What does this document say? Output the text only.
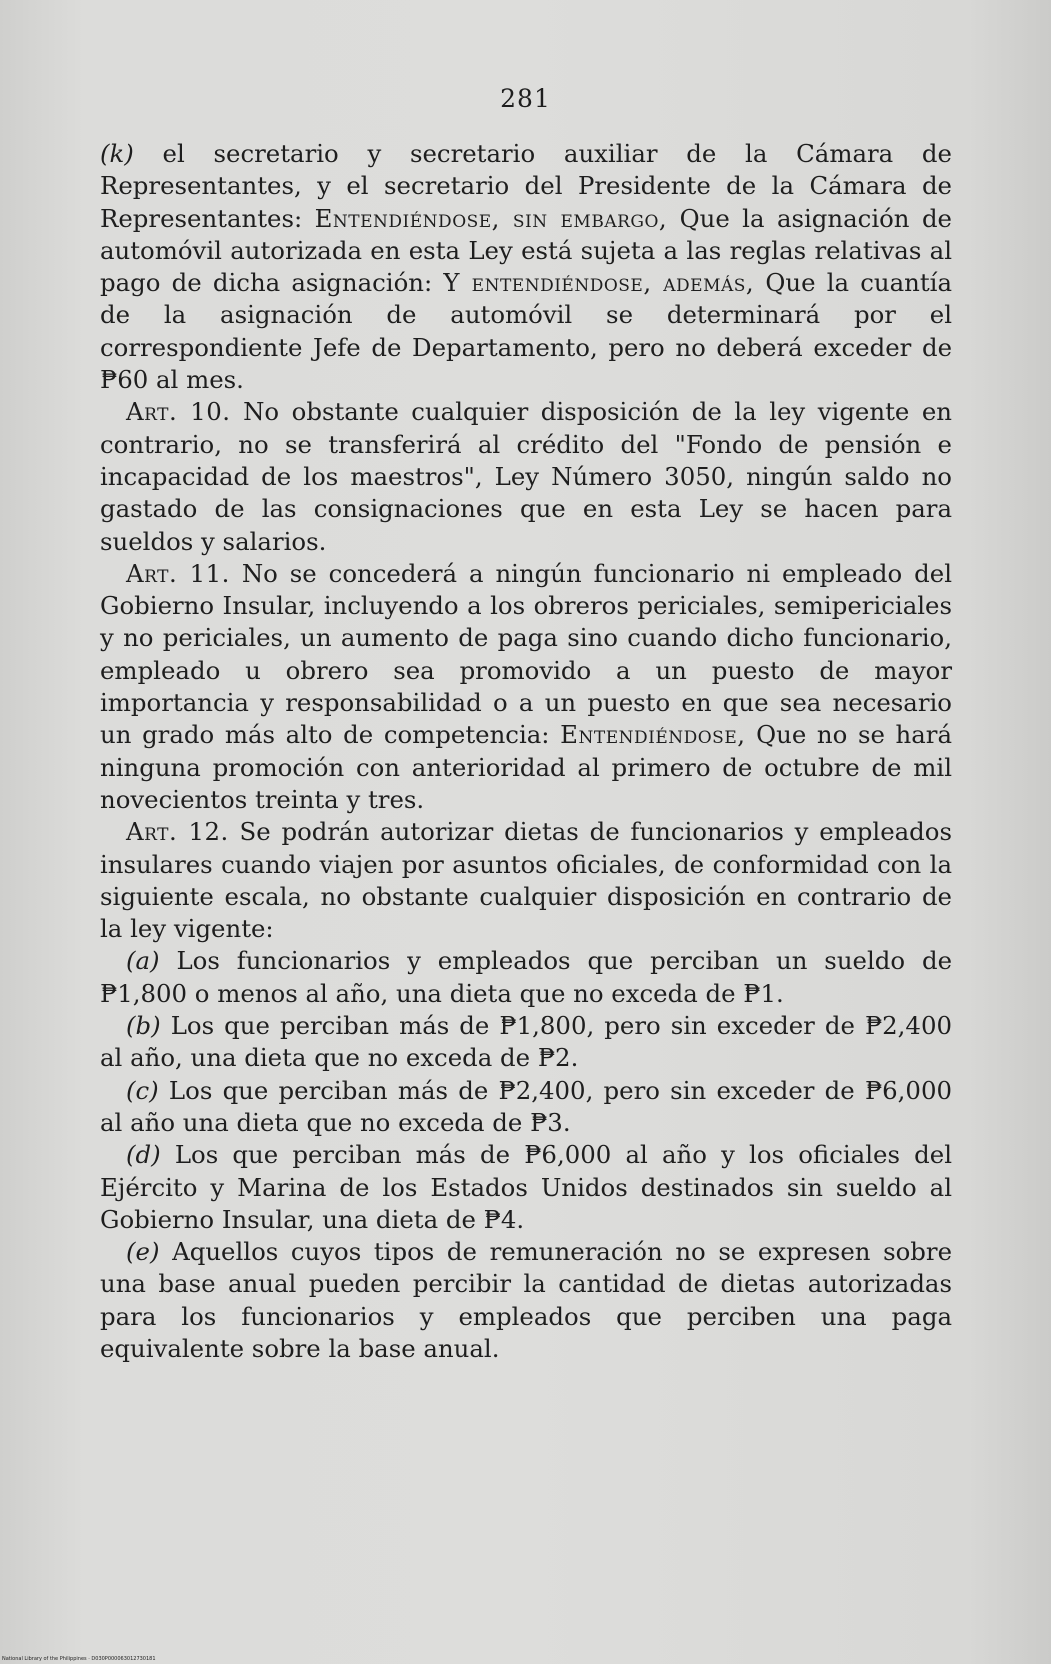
281

(k) el secretario y secretario auxiliar de la Cámara de Representantes, y el secretario del Presidente de la Cámara de Representantes: Entendiéndose, sin embargo, Que la asignación de automóvil autorizada en esta Ley está sujeta a las reglas relativas al pago de dicha asignación: Y entendiéndose, además, Que la cuantía de la asignación de automóvil se determinará por el correspondiente Jefe de Departamento, pero no deberá exceder de ₱60 al mes.

Art. 10. No obstante cualquier disposición de la ley vigente en contrario, no se transferirá al crédito del "Fondo de pensión e incapacidad de los maestros", Ley Número 3050, ningún saldo no gastado de las consignaciones que en esta Ley se hacen para sueldos y salarios.

Art. 11. No se concederá a ningún funcionario ni empleado del Gobierno Insular, incluyendo a los obreros periciales, semipericiales y no periciales, un aumento de paga sino cuando dicho funcionario, empleado u obrero sea promovido a un puesto de mayor importancia y responsabilidad o a un puesto en que sea necesario un grado más alto de competencia: Entendiéndose, Que no se hará ninguna promoción con anterioridad al primero de octubre de mil novecientos treinta y tres.

Art. 12. Se podrán autorizar dietas de funcionarios y empleados insulares cuando viajen por asuntos oficiales, de conformidad con la siguiente escala, no obstante cualquier disposición en contrario de la ley vigente:

(a) Los funcionarios y empleados que perciban un sueldo de ₱1,800 o menos al año, una dieta que no exceda de ₱1.

(b) Los que perciban más de ₱1,800, pero sin exceder de ₱2,400 al año, una dieta que no exceda de ₱2.

(c) Los que perciban más de ₱2,400, pero sin exceder de ₱6,000 al año una dieta que no exceda de ₱3.

(d) Los que perciban más de ₱6,000 al año y los oficiales del Ejército y Marina de los Estados Unidos destinados sin sueldo al Gobierno Insular, una dieta de ₱4.

(e) Aquellos cuyos tipos de remuneración no se expresen sobre una base anual pueden percibir la cantidad de dietas autorizadas para los funcionarios y empleados que perciben una paga equivalente sobre la base anual.

National Library of the Philippines · D030P000063012730181
